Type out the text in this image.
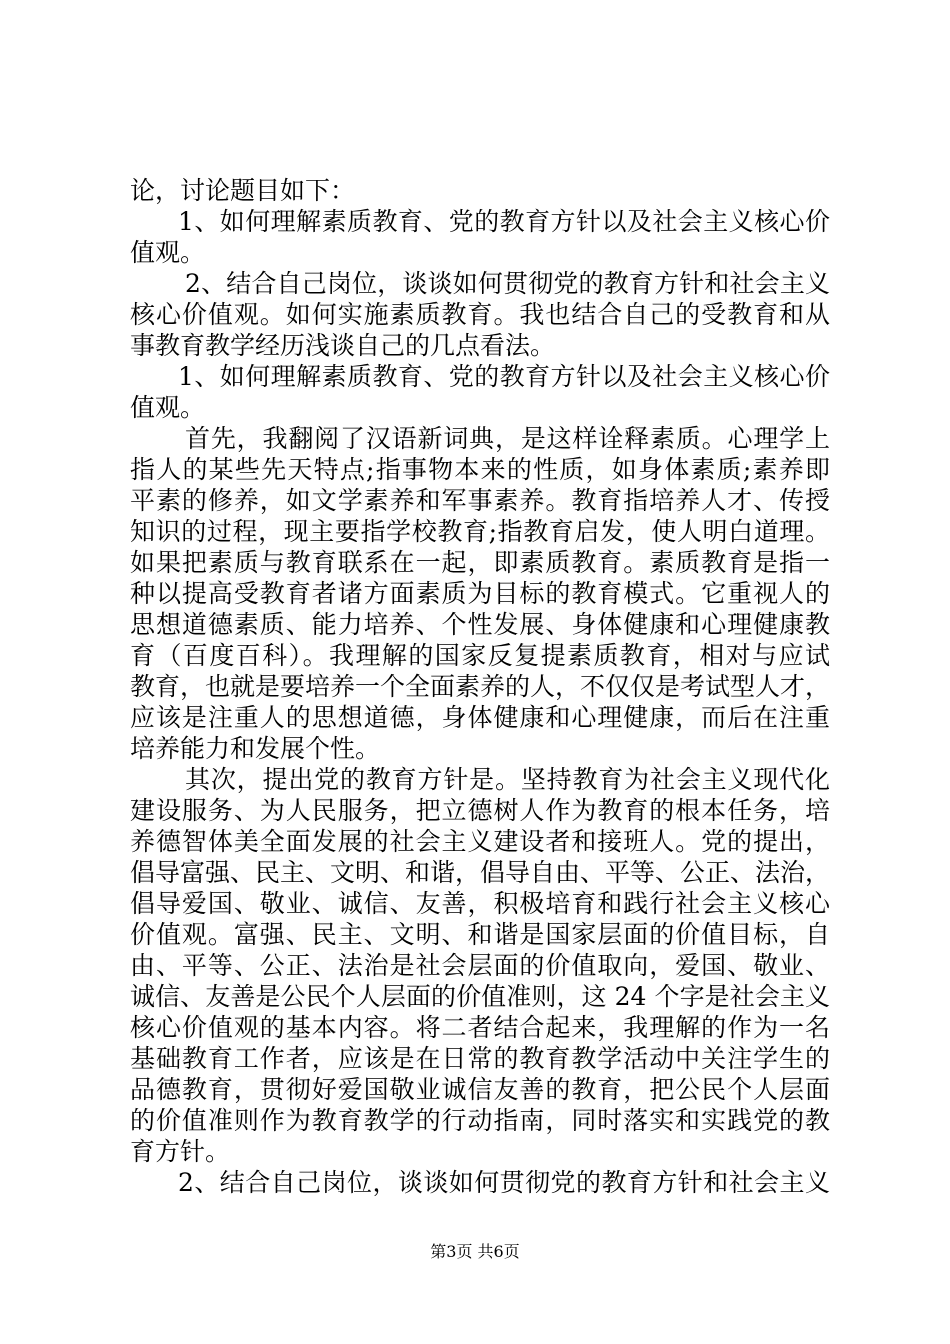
论，讨论题目如下：
1、如何理解素质教育、党的教育方针以及社会主义核心价
值观。
2、结合自己岗位，谈谈如何贯彻党的教育方针和社会主义
核心价值观。如何实施素质教育。我也结合自己的受教育和从
事教育教学经历浅谈自己的几点看法。
1、如何理解素质教育、党的教育方针以及社会主义核心价
值观。
首先，我翻阅了汉语新词典，是这样诠释素质。心理学上
指人的某些先天特点;指事物本来的性质，如身体素质;素养即
平素的修养，如文学素养和军事素养。教育指培养人才、传授
知识的过程，现主要指学校教育;指教育启发，使人明白道理。
如果把素质与教育联系在一起，即素质教育。素质教育是指一
种以提高受教育者诸方面素质为目标的教育模式。它重视人的
思想道德素质、能力培养、个性发展、身体健康和心理健康教
育（百度百科）。我理解的国家反复提素质教育，相对与应试
教育，也就是要培养一个全面素养的人，不仅仅是考试型人才，
应该是注重人的思想道德，身体健康和心理健康，而后在注重
培养能力和发展个性。
其次，提出党的教育方针是。坚持教育为社会主义现代化
建设服务、为人民服务，把立德树人作为教育的根本任务，培
养德智体美全面发展的社会主义建设者和接班人。党的提出，
倡导富强、民主、文明、和谐，倡导自由、平等、公正、法治，
倡导爱国、敬业、诚信、友善，积极培育和践行社会主义核心
价值观。富强、民主、文明、和谐是国家层面的价值目标，自
由、平等、公正、法治是社会层面的价值取向，爱国、敬业、
诚信、友善是公民个人层面的价值准则，这 24 个字是社会主义
核心价值观的基本内容。将二者结合起来，我理解的作为一名
基础教育工作者，应该是在日常的教育教学活动中关注学生的
品德教育，贯彻好爱国敬业诚信友善的教育，把公民个人层面
的价值准则作为教育教学的行动指南，同时落实和实践党的教
育方针。
2、结合自己岗位，谈谈如何贯彻党的教育方针和社会主义
第3页 共6页
